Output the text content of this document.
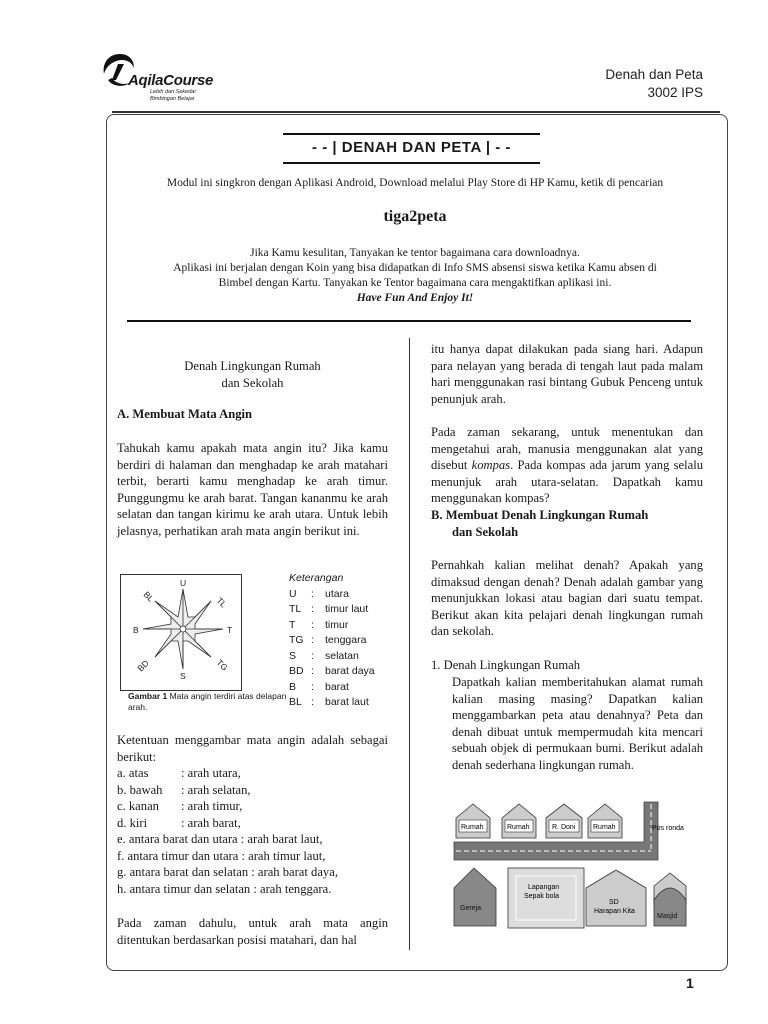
AqilaCourse
Lebih dari Sekedar
Bimbingan Belajar
Denah dan Peta
3002 IPS
- - | DENAH DAN PETA | - -
Modul ini singkron dengan Aplikasi Android, Download melalui Play Store di HP Kamu, ketik di pencarian
tiga2peta
Jika Kamu kesulitan, Tanyakan ke tentor bagaimana cara downloadnya.
Aplikasi ini berjalan dengan Koin yang bisa didapatkan di Info SMS absensi siswa ketika Kamu absen di
Bimbel dengan Kartu. Tanyakan ke Tentor bagaimana cara mengaktifkan aplikasi ini.
Have Fun And Enjoy It!
Denah Lingkungan Rumah
dan Sekolah
A. Membuat Mata Angin
Tahukah kamu apakah mata angin itu? Jika kamu berdiri di halaman dan menghadap ke arah matahari terbit, berarti kamu menghadap ke arah timur. Punggungmu ke arah barat. Tangan kananmu ke arah selatan dan tangan kirimu ke arah utara. Untuk lebih jelasnya, perhatikan arah mata angin berikut ini.
U
TL
T
TG
S
BD
B
BL
Gambar 1 Mata angin terdiri atas delapan arah.
Keterangan
U	:	utara
TL :	timur laut
T	:	timur
TG :	tenggara
S	:	selatan
BD :	barat daya
B	:	barat
BL :	barat laut
Ketentuan menggambar mata angin adalah sebagai berikut:
a. atas	: arah utara,
b. bawah	: arah selatan,
c. kanan	: arah timur,
d. kiri	: arah barat,
e. antara barat dan utara : arah barat laut,
f. antara timur dan utara : arah timur laut,
g. antara barat dan selatan : arah barat daya,
h. antara timur dan selatan : arah tenggara.
Pada zaman dahulu, untuk arah mata angin ditentukan berdasarkan posisi matahari, dan hal
itu hanya dapat dilakukan pada siang hari. Adapun para nelayan yang berada di tengah laut pada malam hari menggunakan rasi bintang Gubuk Penceng untuk penunjuk arah.
Pada zaman sekarang, untuk menentukan dan mengetahui arah, manusia menggunakan alat yang disebut kompas. Pada kompas ada jarum yang selalu menunjuk arah utara-selatan. Dapatkah kamu menggunakan kompas?
B. Membuat Denah Lingkungan Rumah
dan Sekolah
Pernahkah kalian melihat denah? Apakah yang dimaksud dengan denah? Denah adalah gambar yang menunjukkan lokasi atau bagian dari suatu tempat. Berikut akan kita pelajari denah lingkungan rumah dan sekolah.
1. Denah Lingkungan Rumah
Dapatkah kalian memberitahukan alamat rumah kalian masing masing? Dapatkan kalian menggambarkan peta atau denahnya? Peta dan denah dibuat untuk mempermudah kita mencari sebuah objek di permukaan bumi. Berikut adalah denah sederhana lingkungan rumah.
Rumah	Rumah	R. Doni	Rumah	Pos ronda
Lapangan
Sepak bola
Gereja
SD
Harapan Kita
Masjid
1
